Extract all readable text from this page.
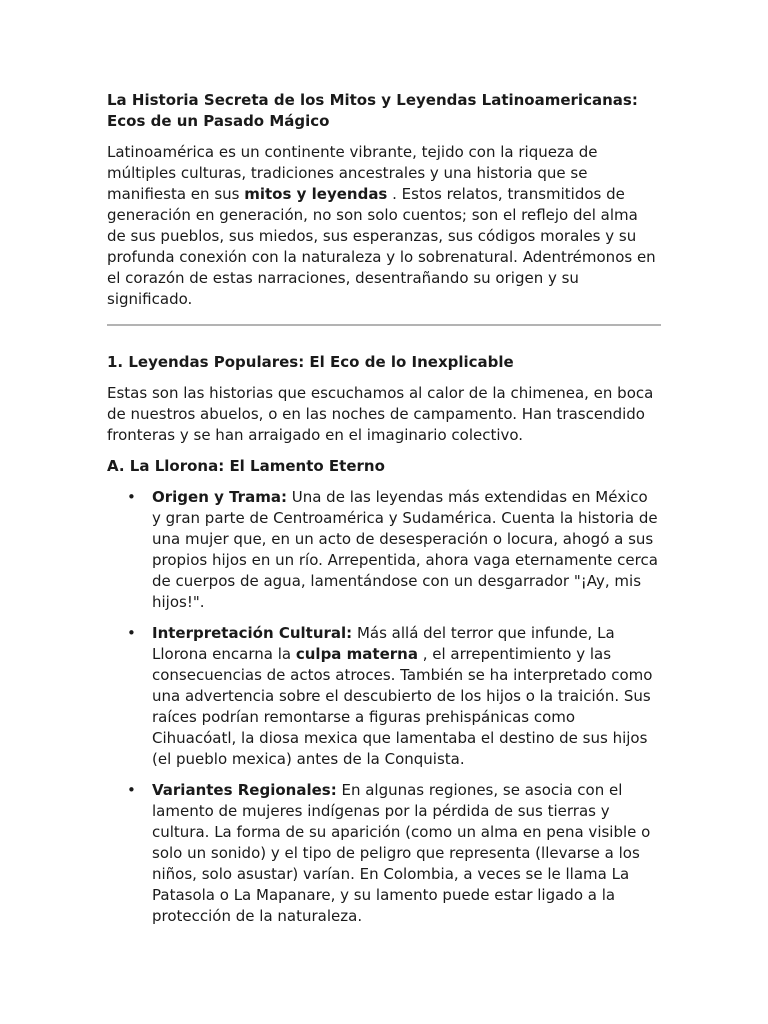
La Historia Secreta de los Mitos y Leyendas Latinoamericanas:
Ecos de un Pasado Mágico

Latinoamérica es un continente vibrante, tejido con la riqueza de múltiples culturas, tradiciones ancestrales y una historia que se manifiesta en sus mitos y leyendas . Estos relatos, transmitidos de generación en generación, no son solo cuentos; son el reflejo del alma de sus pueblos, sus miedos, sus esperanzas, sus códigos morales y su profunda conexión con la naturaleza y lo sobrenatural. Adentrémonos en el corazón de estas narraciones, desentrañando su origen y su significado.

1. Leyendas Populares: El Eco de lo Inexplicable

Estas son las historias que escuchamos al calor de la chimenea, en boca de nuestros abuelos, o en las noches de campamento. Han trascendido fronteras y se han arraigado en el imaginario colectivo.

A. La Llorona: El Lamento Eterno
• Origen y Trama: Una de las leyendas más extendidas en México y gran parte de Centroamérica y Sudamérica. Cuenta la historia de una mujer que, en un acto de desesperación o locura, ahogó a sus propios hijos en un río. Arrepentida, ahora vaga eternamente cerca de cuerpos de agua, lamentándose con un desgarrador "¡Ay, mis hijos!".
• Interpretación Cultural: Más allá del terror que infunde, La Llorona encarna la culpa materna , el arrepentimiento y las consecuencias de actos atroces. También se ha interpretado como una advertencia sobre el descubierto de los hijos o la traición. Sus raíces podrían remontarse a figuras prehispánicas como Cihuacóatl, la diosa mexica que lamentaba el destino de sus hijos (el pueblo mexica) antes de la Conquista.
• Variantes Regionales: En algunas regiones, se asocia con el lamento de mujeres indígenas por la pérdida de sus tierras y cultura. La forma de su aparición (como un alma en pena visible o solo un sonido) y el tipo de peligro que representa (llevarse a los niños, solo asustar) varían. En Colombia, a veces se le llama La Patasola o La Mapanare, y su lamento puede estar ligado a la protección de la naturaleza.
